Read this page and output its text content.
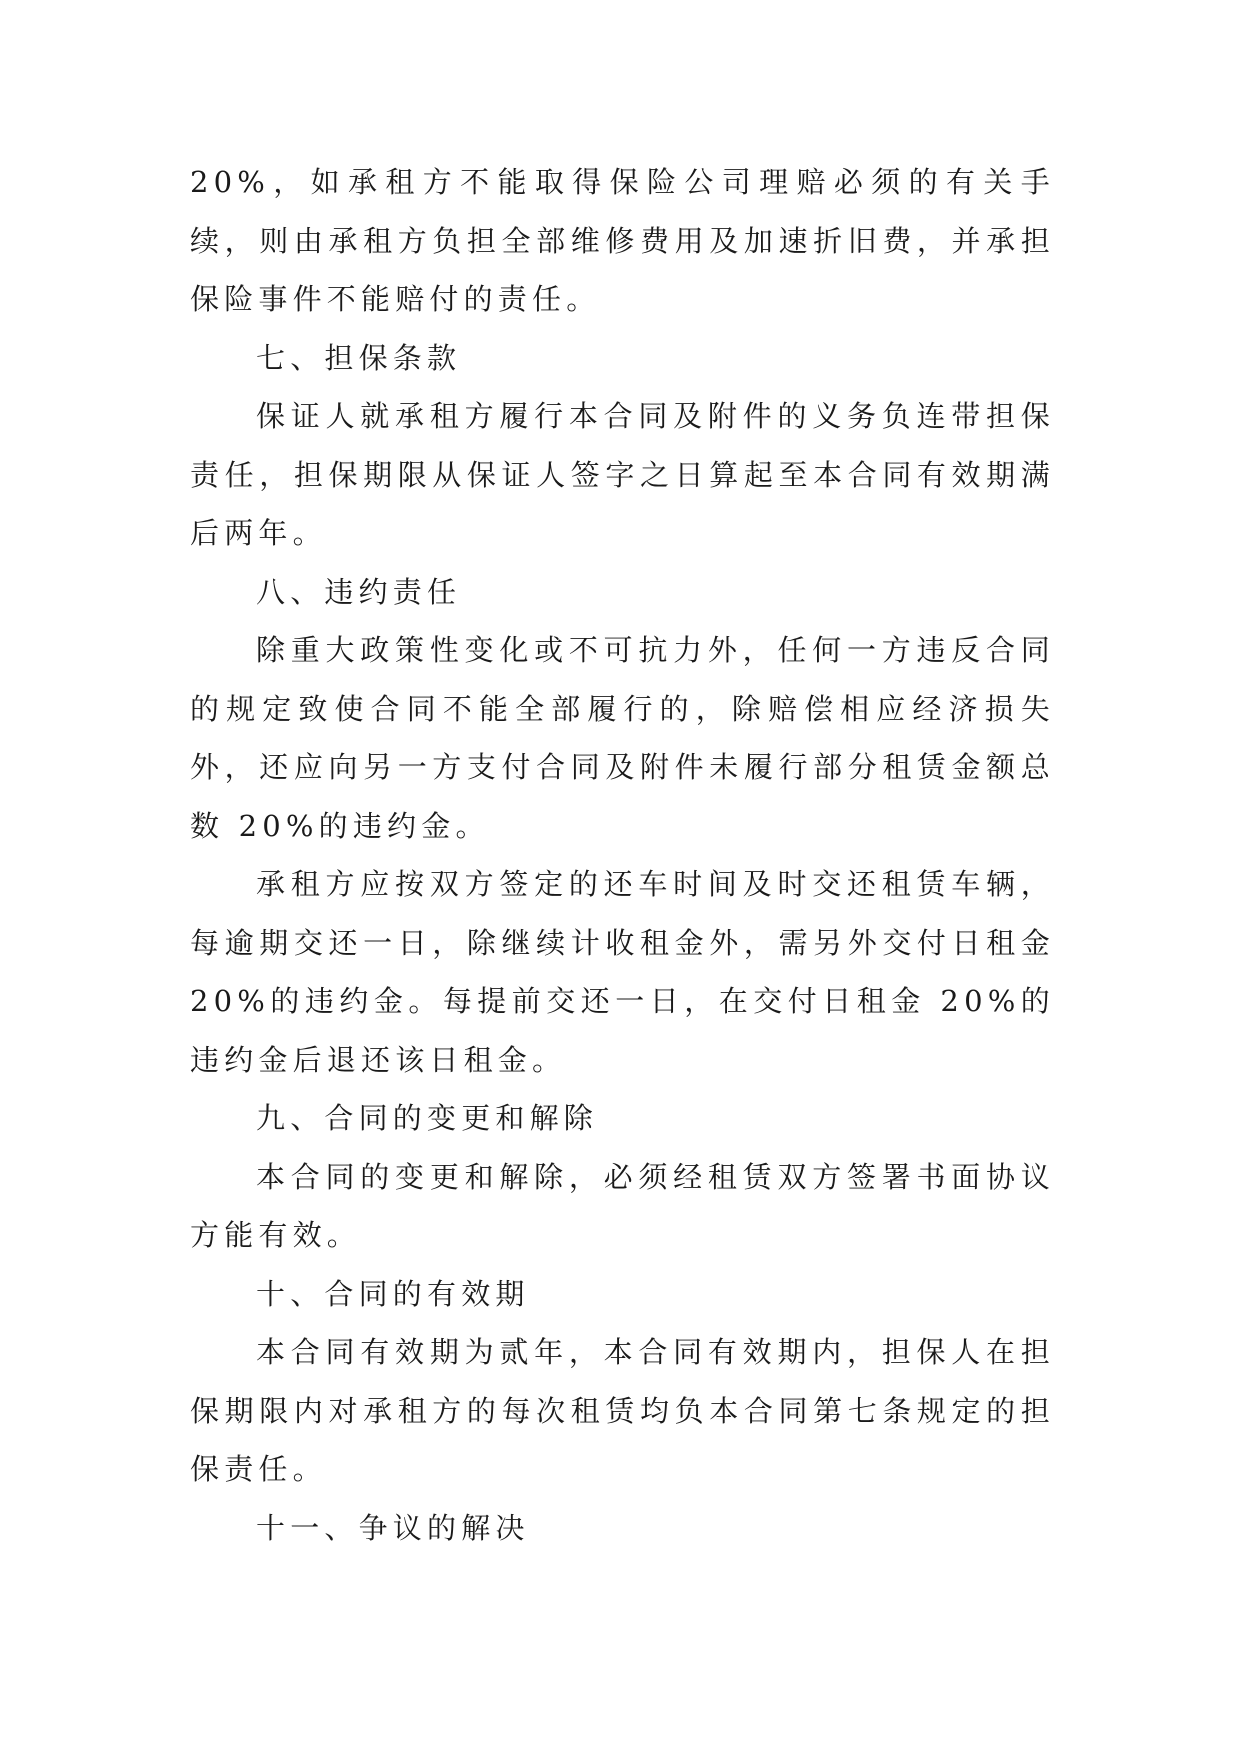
20%，如承租方不能取得保险公司理赔必须的有关手续，则由承租方负担全部维修费用及加速折旧费，并承担保险事件不能赔付的责任。

七、担保条款

保证人就承租方履行本合同及附件的义务负连带担保责任，担保期限从保证人签字之日算起至本合同有效期满后两年。

八、违约责任

除重大政策性变化或不可抗力外，任何一方违反合同的规定致使合同不能全部履行的，除赔偿相应经济损失外，还应向另一方支付合同及附件未履行部分租赁金额总数 20%的违约金。

承租方应按双方签定的还车时间及时交还租赁车辆，每逾期交还一日，除继续计收租金外，需另外交付日租金 20%的违约金。每提前交还一日，在交付日租金 20%的违约金后退还该日租金。

九、合同的变更和解除

本合同的变更和解除，必须经租赁双方签署书面协议方能有效。

十、合同的有效期

本合同有效期为贰年，本合同有效期内，担保人在担保期限内对承租方的每次租赁均负本合同第七条规定的担保责任。

十一、争议的解决
